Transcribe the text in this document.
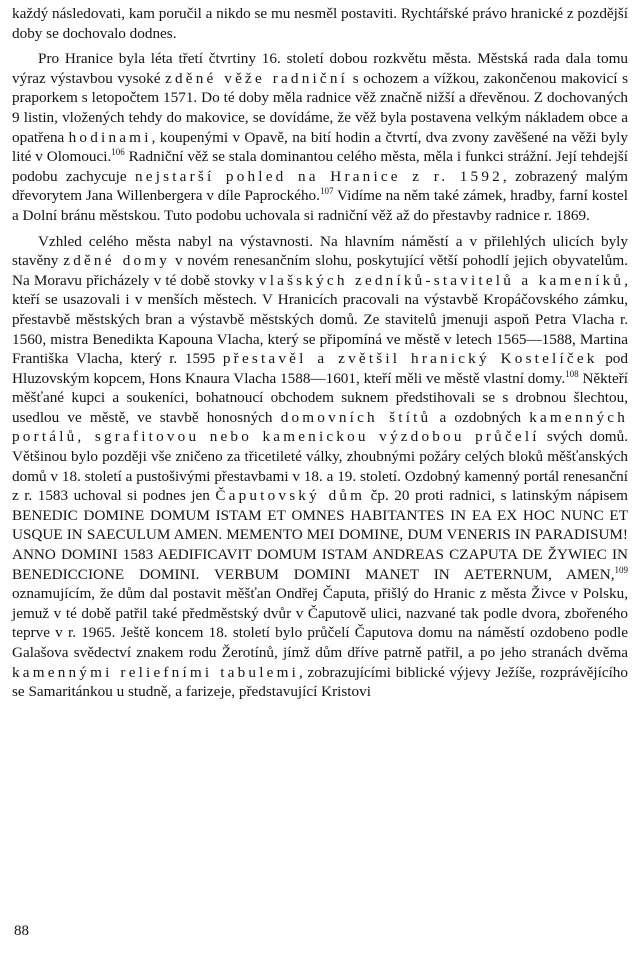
každý následovati, kam poručil a nikdo se mu nesměl postaviti. Rychtářské právo hranické z pozdější doby se dochovalo dodnes.

Pro Hranice byla léta třetí čtvrtiny 16. století dobou rozkvětu města. Městská rada dala tomu výraz výstavbou vysoké zděné věže radniční s ochozem a vížkou, zakončenou makovicí s praporkem s letopočtem 1571. Do té doby měla radnice věž značně nižší a dřevěnou. Z dochovaných 9 listin, vložených tehdy do makovice, se dovídáme, že věž byla postavena velkým nákladem obce a opatřena hodinami, koupenými v Opavě, na bití hodin a čtvrtí, dva zvony zavěšené na věži byly lité v Olomouci.$^{106}$ Radniční věž se stala dominantou celého města, měla i funkci strážní. Její tehdejší podobu zachycuje nejstarší pohled na Hranice z r. 1592, zobrazený malým dřevorytem Jana Willenbergera v díle Paprockého.$^{107}$ Vidíme na něm také zámek, hradby, farní kostel a Dolní bránu městskou. Tuto podobu uchovala si radniční věž až do přestavby radnice r. 1869.

Vzhled celého města nabyl na výstavnosti. Na hlavním náměstí a v přilehlých ulicích byly stavěny zděné domy v novém renesančním slohu, poskytující větší pohodlí jejich obyvatelům. Na Moravu přicházely v té době stovky vlašských zedníků-stavitelů a kameníků, kteří se usazovali i v menších městech. V Hranicích pracovali na výstavbě Kropáčovského zámku, přestavbě městských bran a výstavbě městských domů. Ze stavitelů jmenuji aspoň Petra Vlacha r. 1560, mistra Benedikta Kapouna Vlacha, který se připomíná ve městě v letech 1565—1588, Martina Františka Vlacha, který r. 1595 přestavěl a zvětšil hranický Kostelíček pod Hluzovským kopcem, Hons Knaura Vlacha 1588—1601, kteří měli ve městě vlastní domy.$^{108}$ Někteří měšťané kupci a soukeníci, bohatnoucí obchodem suknem předstihovali se s drobnou šlechtou, usedlou ve městě, ve stavbě honosných domovních štítů a ozdobných kamenných portálů, sgrafitovou nebo kamenickou výzdobou průčelí svých domů. Většinou bylo později vše zničeno za třicetileté války, zhoubnými požáry celých bloků měšťanských domů v 18. století a pustošivými přestavbami v 18. a 19. století. Ozdobný kamenný portál renesanční z r. 1583 uchoval si podnes jen Čaputovský dům čp. 20 proti radnici, s latinským nápisem BENEDIC DOMINE DOMUM ISTAM ET OMNES HABITANTES IN EA EX HOC NUNC ET USQUE IN SAECULUM AMEN. MEMENTO MEI DOMINE, DUM VENERIS IN PARADISUM! ANNO DOMINI 1583 AEDIFICAVIT DOMUM ISTAM ANDREAS CZAPUTA DE ŽYWIEC IN BENEDICCIONE DOMINI. VERBUM DOMINI MANET IN AETERNUM, AMEN,$^{109}$ oznamujícím, že dům dal postavit měšťan Ondřej Čaputa, přišlý do Hranic z města Živce v Polsku, jemuž v té době patřil také předměstský dvůr v Čaputově ulici, nazvané tak podle dvora, zbořeného teprve v r. 1965. Ještě koncem 18. století bylo průčelí Čaputova domu na náměstí ozdobeno podle Galašova svědectví znakem rodu Žerotínů, jímž dům dříve patrně patřil, a po jeho stranách dvěma kamennými reliefními tabulemi, zobrazujícími biblické výjevy Ježíše, rozprávějícího se Samaritánkou u studně, a farizeje, představující Kristovi

88
